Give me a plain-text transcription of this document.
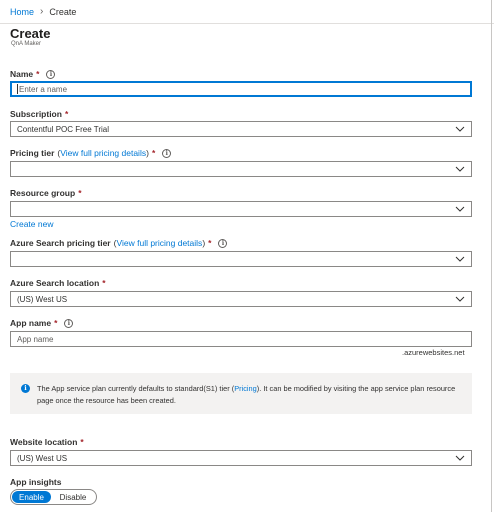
Home › Create
Create
QnA Maker
Name *	i
Enter a name
Subscription *
Contentful POC Free Trial
Pricing tier ( View full pricing details ) *	i
Resource group *
Create new
Azure Search pricing tier ( View full pricing details ) *	i
Azure Search location *
(US) West US
App name *	i
App name
.azurewebsites.net
i	The App service plan currently defaults to standard(S1) tier (Pricing). It can be modified by visiting the app service plan resource page once the resource has been created.
Website location *
(US) West US
App insights
Enable	Disable
